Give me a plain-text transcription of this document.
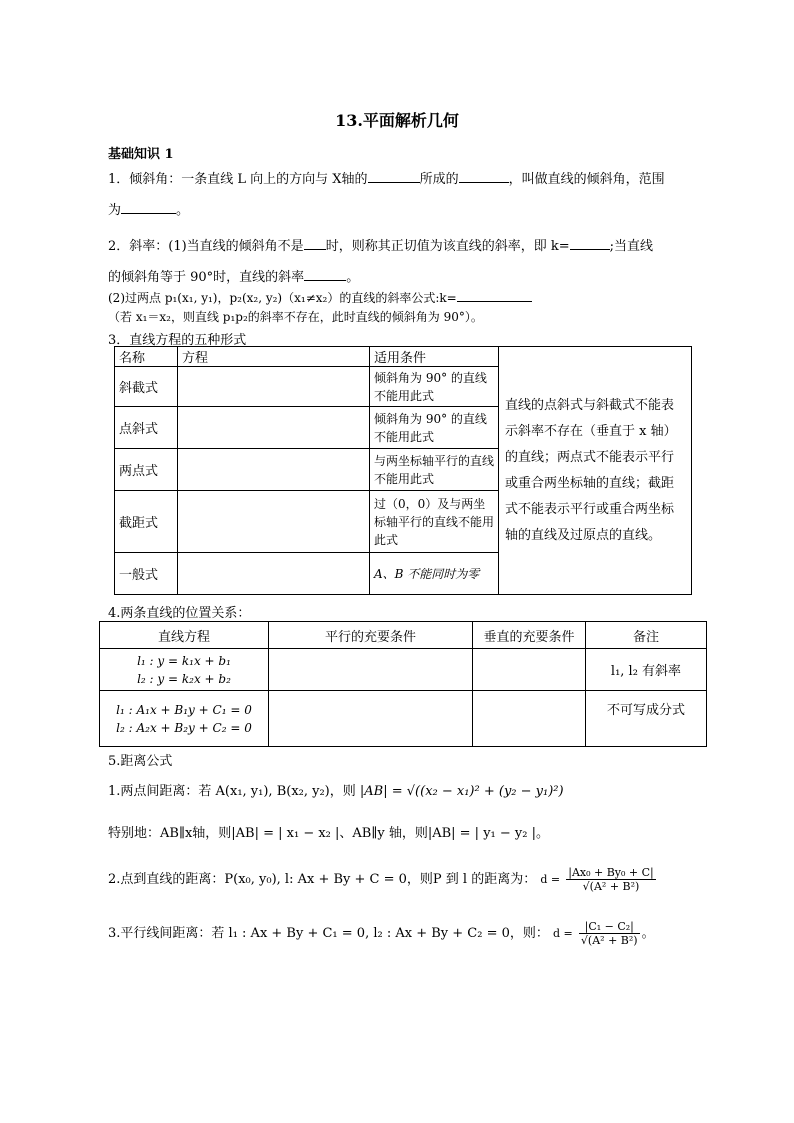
13.平面解析几何
基础知识 1
1．倾斜角：一条直线 L 向上的方向与 X轴的	所成的	，叫做直线的倾斜角，范围
为	。
2．斜率：(1)当直线的倾斜角不是 时，则称其正切值为该直线的斜率，即 k=	;当直线
的倾斜角等于 90°时，直线的斜率	。
(2)过两点 p₁(x₁, y₁)，p₂(x₂, y₂)（x₁≠x₂）的直线的斜率公式:k=
（若 x₁＝x₂，则直线 p₁p₂的斜率不存在，此时直线的倾斜角为 90°）。
3．直线方程的五种形式
名称	方程	适用条件	直线的点斜式与斜截式不能表示斜率不存在（垂直于 x 轴）的直线；两点式不能表示平行或重合两坐标轴的直线；截距式不能表示平行或重合两坐标轴的直线及过原点的直线。
斜截式		倾斜角为 90° 的直线不能用此式	
点斜式		倾斜角为 90° 的直线不能用此式	
两点式		与两坐标轴平行的直线不能用此式	
截距式		过（0，0）及与两坐标轴平行的直线不能用此式	
一般式		A、B 不能同时为零	
4.两条直线的位置关系：
直线方程	平行的充要条件	垂直的充要条件	备注

l₁ : y = k₁x + b₁
l₂ : y = k₂x + b₂			l₁, l₂ 有斜率

l₁ : A₁x + B₁y + C₁ = 0
l₂ : A₂x + B₂y + C₂ = 0			不可写成分式
5.距离公式
1.两点间距离：若 A(x₁, y₁), B(x₂, y₂)，则 |AB| = √((x₂ − x₁)² + (y₂ − y₁)²)
特别地：AB∥x轴，则|AB| = | x₁ − x₂ |、AB∥y 轴，则|AB| = | y₁ − y₂ |。
2.点到直线的距离：P(x₀, y₀), l: Ax + By + C = 0，则P 到 l 的距离为： $d = \frac{\text{|Ax₀ + By₀ + C|}}{\text{√(A² + B²)}}$
3.平行线间距离：若 l₁ : Ax + By + C₁ = 0, l₂ : Ax + By + C₂ = 0，则： $d = \frac{\text{|C₁ − C₂|}}{\text{√(A² + B²)}}$ 。
